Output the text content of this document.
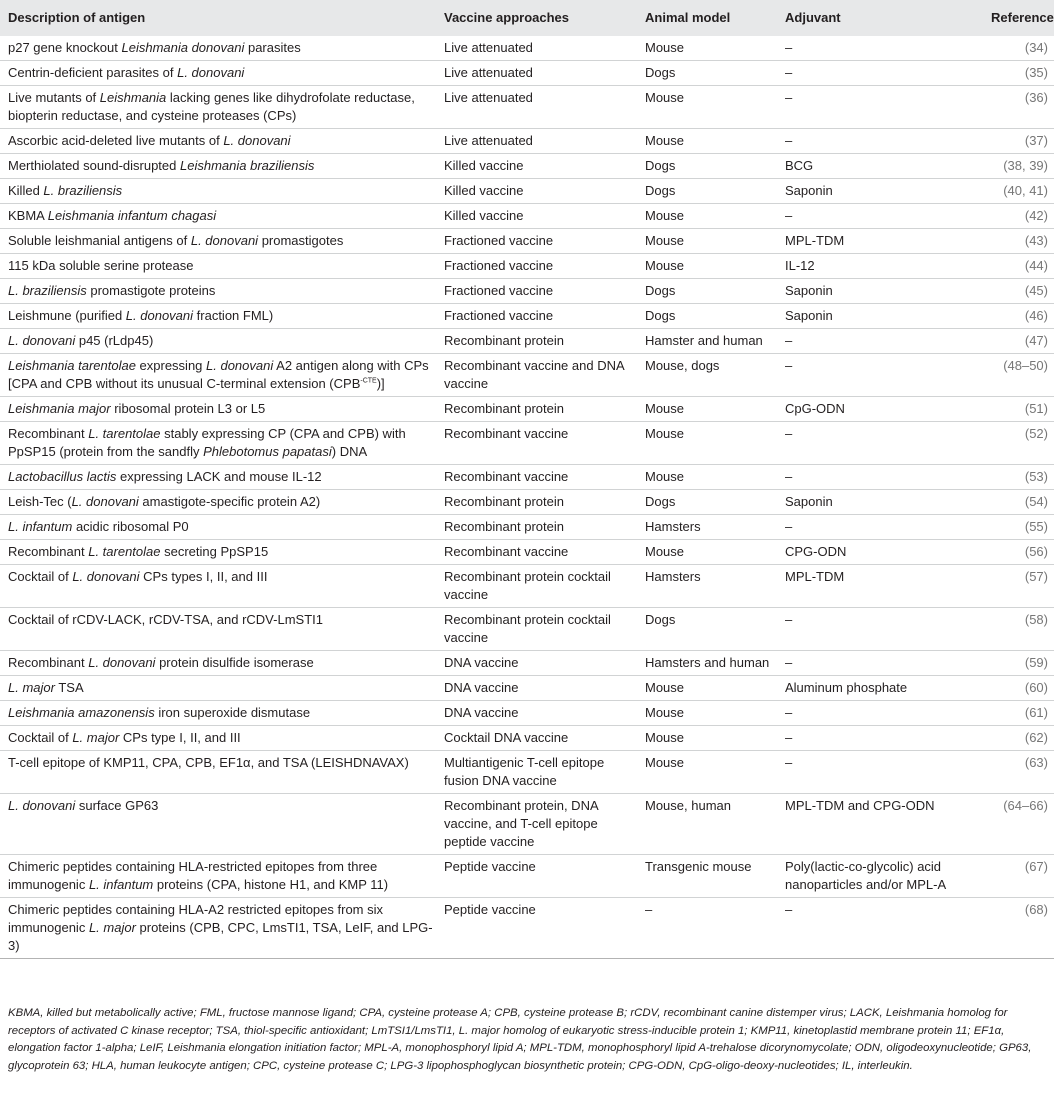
Description of antigen	Vaccine approaches	Animal model	Adjuvant	Reference
p27 gene knockout Leishmania donovani parasites	Live attenuated	Mouse	–	(34)
Centrin-deficient parasites of L. donovani	Live attenuated	Dogs	–	(35)
Live mutants of Leishmania lacking genes like dihydrofolate reductase, biopterin reductase, and cysteine proteases (CPs)	Live attenuated	Mouse	–	(36)
Ascorbic acid-deleted live mutants of L. donovani	Live attenuated	Mouse	–	(37)
Merthiolated sound-disrupted Leishmania braziliensis	Killed vaccine	Dogs	BCG	(38, 39)
Killed L. braziliensis	Killed vaccine	Dogs	Saponin	(40, 41)
KBMA Leishmania infantum chagasi	Killed vaccine	Mouse	–	(42)
Soluble leishmanial antigens of L. donovani promastigotes	Fractioned vaccine	Mouse	MPL-TDM	(43)
115 kDa soluble serine protease	Fractioned vaccine	Mouse	IL-12	(44)
L. braziliensis promastigote proteins	Fractioned vaccine	Dogs	Saponin	(45)
Leishmune (purified L. donovani fraction FML)	Fractioned vaccine	Dogs	Saponin	(46)
L. donovani p45 (rLdp45)	Recombinant protein	Hamster and human	–	(47)
Leishmania tarentolae expressing L. donovani A2 antigen along with CPs [CPA and CPB without its unusual C-terminal extension $(CPB^{-CTE})$]	Recombinant vaccine and DNA vaccine	Mouse, dogs	–	(48–50)
Leishmania major ribosomal protein L3 or L5	Recombinant protein	Mouse	CpG-ODN	(51)
Recombinant L. tarentolae stably expressing CP (CPA and CPB) with PpSP15 (protein from the sandfly Phlebotomus papatasi) DNA	Recombinant vaccine	Mouse	–	(52)
Lactobacillus lactis expressing LACK and mouse IL-12	Recombinant vaccine	Mouse	–	(53)
Leish-Tec (L. donovani amastigote-specific protein A2)	Recombinant protein	Dogs	Saponin	(54)
L. infantum acidic ribosomal P0	Recombinant protein	Hamsters	–	(55)
Recombinant L. tarentolae secreting PpSP15	Recombinant vaccine	Mouse	CPG-ODN	(56)
Cocktail of L. donovani CPs types I, II, and III	Recombinant protein cocktail vaccine	Hamsters	MPL-TDM	(57)
Cocktail of rCDV-LACK, rCDV-TSA, and rCDV-LmSTI1	Recombinant protein cocktail vaccine	Dogs	–	(58)
Recombinant L. donovani protein disulfide isomerase	DNA vaccine	Hamsters and human	–	(59)
L. major TSA	DNA vaccine	Mouse	Aluminum phosphate	(60)
Leishmania amazonensis iron superoxide dismutase	DNA vaccine	Mouse	–	(61)
Cocktail of L. major CPs type I, II, and III	Cocktail DNA vaccine	Mouse	–	(62)
T-cell epitope of KMP11, CPA, CPB, EF1α, and TSA (LEISHDNAVAX)	Multiantigenic T-cell epitope fusion DNA vaccine	Mouse	–	(63)
L. donovani surface GP63	Recombinant protein, DNA vaccine, and T-cell epitope peptide vaccine	Mouse, human	MPL-TDM and CPG-ODN	(64–66)
Chimeric peptides containing HLA-restricted epitopes from three immunogenic L. infantum proteins (CPA, histone H1, and KMP 11)	Peptide vaccine	Transgenic mouse	Poly(lactic-co-glycolic) acid nanoparticles and/or MPL-A	(67)
Chimeric peptides containing HLA-A2 restricted epitopes from six immunogenic L. major proteins (CPB, CPC, LmsTI1, TSA, LeIF, and LPG-3)	Peptide vaccine	–	–	(68)
KBMA, killed but metabolically active; FML, fructose mannose ligand; CPA, cysteine protease A; CPB, cysteine protease B; rCDV, recombinant canine distemper virus; LACK, Leishmania homolog for receptors of activated C kinase receptor; TSA, thiol-specific antioxidant; LmTSI1/LmsTI1, L. major homolog of eukaryotic stress-inducible protein 1; KMP11, kinetoplastid membrane protein 11; EF1α, elongation factor 1-alpha; LeIF, Leishmania elongation initiation factor; MPL-A, monophosphoryl lipid A; MPL-TDM, monophosphoryl lipid A-trehalose dicorynomycolate; ODN, oligodeoxynucleotide; GP63, glycoprotein 63; HLA, human leukocyte antigen; CPC, cysteine protease C; LPG-3 lipophosphoglycan biosynthetic protein; CPG-ODN, CpG-oligo-deoxy-nucleotides; IL, interleukin.
